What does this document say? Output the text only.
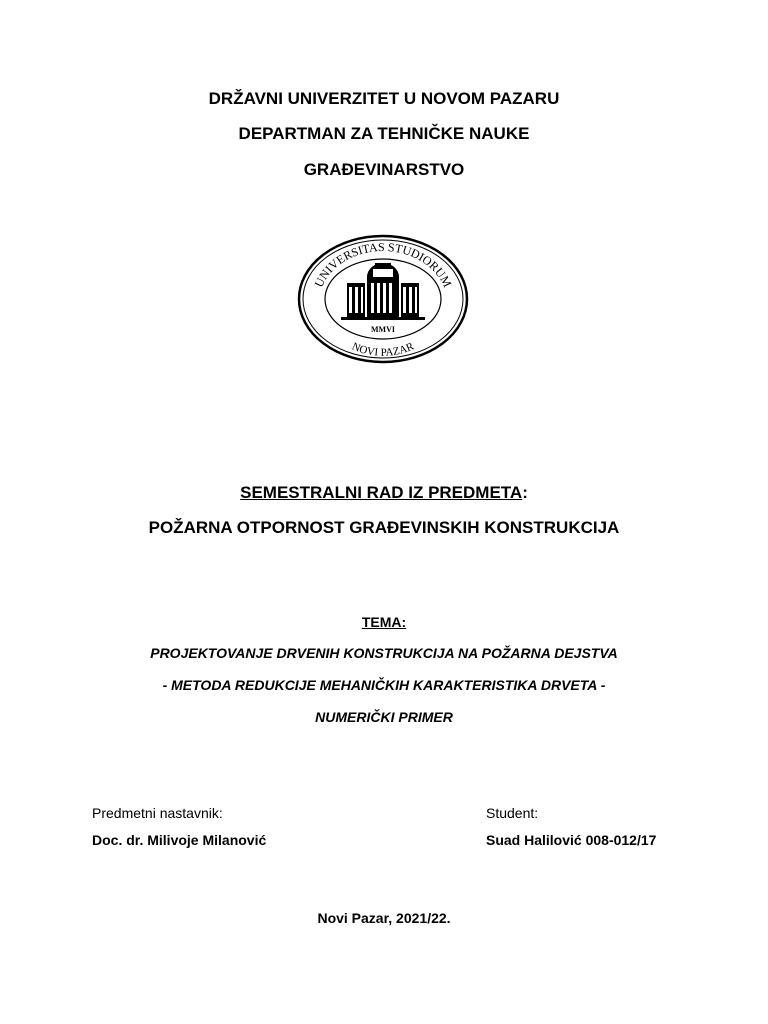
DRŽAVNI UNIVERZITET U NOVOM PAZARU
DEPARTMAN ZA TEHNIČKE NAUKE
GRAĐEVINARSTVO
UNIVERSITAS STUDIORUM
NOVI PAZAR
MMVI
SEMESTRALNI RAD IZ PREDMETA:
POŽARNA OTPORNOST GRAĐEVINSKIH KONSTRUKCIJA
TEMA:
PROJEKTOVANJE DRVENIH KONSTRUKCIJA NA POŽARNA DEJSTVA
- METODA REDUKCIJE MEHANIČKIH KARAKTERISTIKA DRVETA -
NUMERIČKI PRIMER
Predmetni nastavnik:
Doc. dr. Milivoje Milanović
Student:
Suad Halilović 008-012/17
Novi Pazar, 2021/22.
